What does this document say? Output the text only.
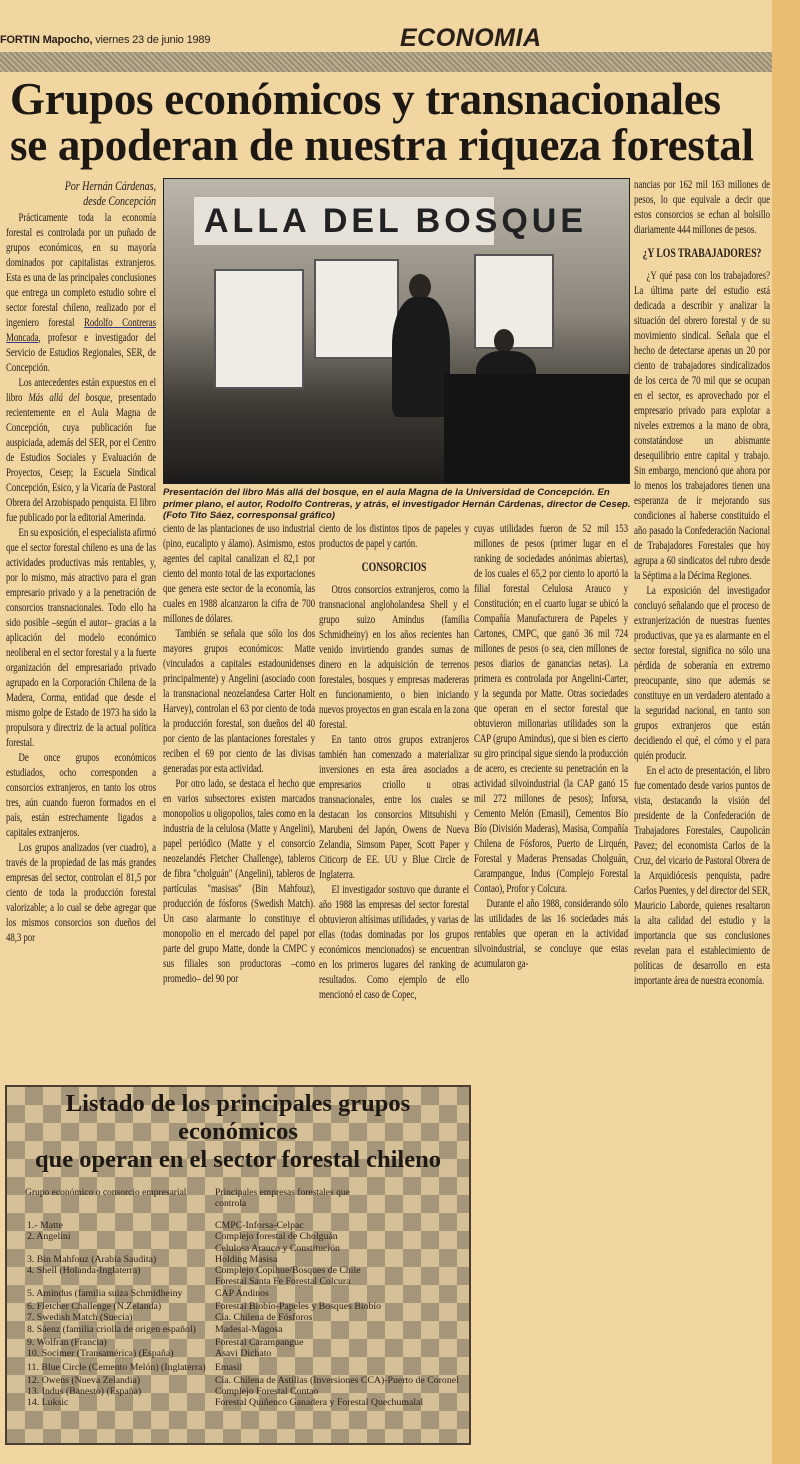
FORTIN Mapocho, viernes 23 de junio 1989	ECONOMIA
Grupos económicos y transnacionales
se apoderan de nuestra riqueza forestal
ALLA DEL BOSQUE
Presentación del libro Más allá del bosque, en el aula Magna de la Universidad de Concepción. En primer plano, el autor, Rodolfo Contreras, y atrás, el investigador Hernán Cárdenas, director de Cesep. (Foto Tito Sáez, corresponsal gráfico)
Por Hernán Cárdenas,
desde Concepción

Prácticamente toda la economía forestal es controlada por un puñado de grupos económicos, en su mayoría dominados por capitalistas extranjeros. Esta es una de las principales conclusiones que entrega un completo estudio sobre el sector forestal chileno, realizado por el ingeniero forestal Rodolfo Contreras Moncada, profesor e investigador del Servicio de Estudios Regionales, SER, de Concepción.

Los antecedentes están expuestos en el libro Más allá del bosque, presentado recientemente en el Aula Magna de Concepción, cuya publicación fue auspiciada, además del SER, por el Centro de Estudios Sociales y Evaluación de Proyectos, Cesep; la Escuela Sindical Concepción, Esico, y la Vicaría de Pastoral Obrera del Arzobispado penquista. El libro fue publicado por la editorial Amerinda.

En su exposición, el especialista afirmó que el sector forestal chileno es una de las actividades productivas más rentables, y, por lo mismo, más atractivo para el gran empresario privado y a la penetración de consorcios transnacionales. Todo ello ha sido posible –según el autor– gracias a la aplicación del modelo económico neoliberal en el sector forestal y a la fuerte organización del empresariado privado agrupado en la Corporación Chilena de la Madera, Corma, entidad que desde el mismo golpe de Estado de 1973 ha sido la propulsora y directriz de la actual política forestal.

De once grupos económicos estudiados, ocho corresponden a consorcios extranjeros, en tanto los otros tres, aún cuando fueron formados en el país, están estrechamente ligados a capitales extranjeros.

Los grupos analizados (ver cuadro), a través de la propiedad de las más grandes empresas del sector, controlan el 81,5 por ciento de toda la producción forestal valorizable; a lo cual se debe agregar que los mismos consorcios son dueños del 48,3 por

ciento de las plantaciones de uso industrial (pino, eucalipto y álamo). Asimismo, estos agentes del capital canalizan el 82,1 por ciento del monto total de las exportaciones que genera este sector de la economía, las cuales en 1988 alcanzaron la cifra de 700 millones de dólares.

También se señala que sólo los dos mayores grupos económicos: Matte (vinculados a capitales estadounidenses principalmente) y Angelini (asociado coon la transnacional neozelandesa Carter Holt Harvey), controlan el 63 por ciento de toda la producción forestal, son dueños del 40 por ciento de las plantaciones forestales y reciben el 69 por ciento de las divisas generadas por esta actividad.

Por otro lado, se destaca el hecho que en varios subsectores existen marcados monopolios u oligopolios, tales como en la industria de la celulosa (Matte y Angelini), papel periódico (Matte y el consorcio neozelandés Fletcher Challenge), tableros de fibra "cholguán" (Angelini), tableros de partículas "masisas" (Bin Mahfouz), producción de fósforos (Swedish Match). Un caso alarmante lo constituye el monopolio en el mercado del papel por parte del grupo Matte, donde la CMPC y sus filiales son productoras –como promedio– del 90 por

ciento de los distintos tipos de papeles y productos de papel y cartón.

CONSORCIOS

Otros consorcios extranjeros, como la transnacional angloholandesa Shell y el grupo suizo Amindus (familia Schmidheiny) en los años recientes han venido invirtiendo grandes sumas de dinero en la adquisición de terrenos forestales, bosques y empresas madereras en funcionamiento, o bien iniciando nuevos proyectos en gran escala en la zona forestal.

En tanto otros grupos extranjeros también han comenzado a materializar inversiones en esta área asociados a empresarios criollo u otras transnacionales, entre los cuales se destacan los consorcios Mitsubishi y Marubeni del Japón, Owens de Nueva Zelandia, Simsom Paper, Scott Paper y Citicorp de EE. UU y Blue Circle de Inglaterra.

El investigador sostuvo que durante el año 1988 las empresas del sector forestal obtuvieron altísimas utilidades, y varias de ellas (todas dominadas por los grupos económicos mencionados) se encuentran en los primeros lugares del ranking de resultados. Como ejemplo de ello mencionó el caso de Copec,

cuyas utilidades fueron de 52 mil 153 millones de pesos (primer lugar en el ranking de sociedades anónimas abiertas), de los cuales el 65,2 por ciento lo aportó la filial forestal Celulosa Arauco y Constitución; en el cuarto lugar se ubicó la Compañía Manufacturera de Papeles y Cartones, CMPC, que ganó 36 mil 724 millones de pesos (o sea, cien millones de pesos diarios de ganancias netas). La primera es controlada por Angelini-Carter, y la segunda por Matte. Otras sociedades que operan en el sector forestal que obtuvieron millonarias utilidades son la CAP (grupo Amindus), que si bien es cierto su giro principal sigue siendo la producción de acero, es creciente su penetración en la actividad silvoindustrial (la CAP ganó 15 mil 272 millones de pesos); Inforsa, Cemento Melón (Emasil), Cementos Bío Bío (División Maderas), Masisa, Compañía Chilena de Fósforos, Puerto de Lirquén, Forestal y Maderas Prensadas Cholguán, Carampangue, Indus (Complejo Forestal Contao), Profor y Colcura.

Durante el año 1988, considerando sólo las utilidades de las 16 sociedades más rentables que operan en la actividad silvoindustrial, se concluye que estas acumularon ga-

nancias por 162 mil 163 millones de pesos, lo que equivale a decir que estos consorcios se echan al bolsillo diariamente 444 millones de pesos.

¿Y LOS TRABAJADORES?

¿Y qué pasa con los trabajadores? La última parte del estudio está dedicada a describir y analizar la situación del obrero forestal y de su movimiento sindical. Señala que el hecho de detectarse apenas un 20 por ciento de trabajadores sindicalizados de los cerca de 70 mil que se ocupan en el sector, es aprovechado por el empresario privado para explotar a niveles extremos a la mano de obra, constatándose un abismante desequilibrio entre capital y trabajo. Sin embargo, mencionó que ahora por lo menos los trabajadores tienen una esperanza de ir mejorando sus condiciones al haberse constituido el año pasado la Confederación Nacional de Trabajadores Forestales que hoy agrupa a 60 sindicatos del rubro desde la Séptima a la Décima Regiones.

La exposición del investigador concluyó señalando que el proceso de extranjerización de nuestras fuentes productivas, que ya es alarmante en el sector forestal, significa no sólo una pérdida de soberanía en extremo preocupante, sino que además se constituye en un verdadero atentado a la seguridad nacional, en tanto son grupos extranjeros que están decidiendo el qué, el cómo y el para quién producir.

En el acto de presentación, el libro fue comentado desde varios puntos de vista, destacando la visión del presidente de la Confederación de Trabajadores Forestales, Caupolicán Pavez; del economista Carlos de la Cruz, del vicario de Pastoral Obrera de la Arquidiócesis penquista, padre Carlos Puentes, y del director del SER, Mauricio Laborde, quienes resaltaron la alta calidad del estudio y la importancia que sus conclusiones revelan para el establecimiento de políticas de desarrollo en esta importante área de nuestra economía.

Listado de los principales grupos económicos
que operan en el sector forestal chileno
Grupo económico o consorcio empresarial	Principales empresas forestales que controla
1.- Matte	CMPC-Inforsa-Celpac
2. Angelini	Complejo forestal de Cholguán
Celulosa Arauco y Constitución
3. Bin Mahfouz (Arabia Saudita)	Holding Masisa
4. Shell (Holanda-Inglaterra)	Complejo Copihue/Bosques de Chile
Forestal Santa Fe Forestal Colcura
5. Amindus (familia suiza Schmidheiny	CAP Andinos
6. Fletcher Challenge (N.Zelanda)	Forestal Biobío-Papeles y Bosques Biobío
7. Swedish Match (Suecia)	Cía. Chilena de Fósforos
8. Sáenz (familia criolla de origen español)	Madesal-Magosa
9. Wolfran (Francia)	Forestal Carampangue
10. Socimer (Transamérica) (España)	Asavi Dichato
11. Blue Circle (Cemento Melón) (Inglaterra) Emasil
12. Owens (Nueva Zelandia)	Cía. Chilena de Astillas (Inversiones CCA)-Puerto de Coronel
13. Indus (Banesto) (España)	Complejo Forestal Contao
14. Luksic	Forestal Quiñenco Ganadera y Forestal Quechumalal
